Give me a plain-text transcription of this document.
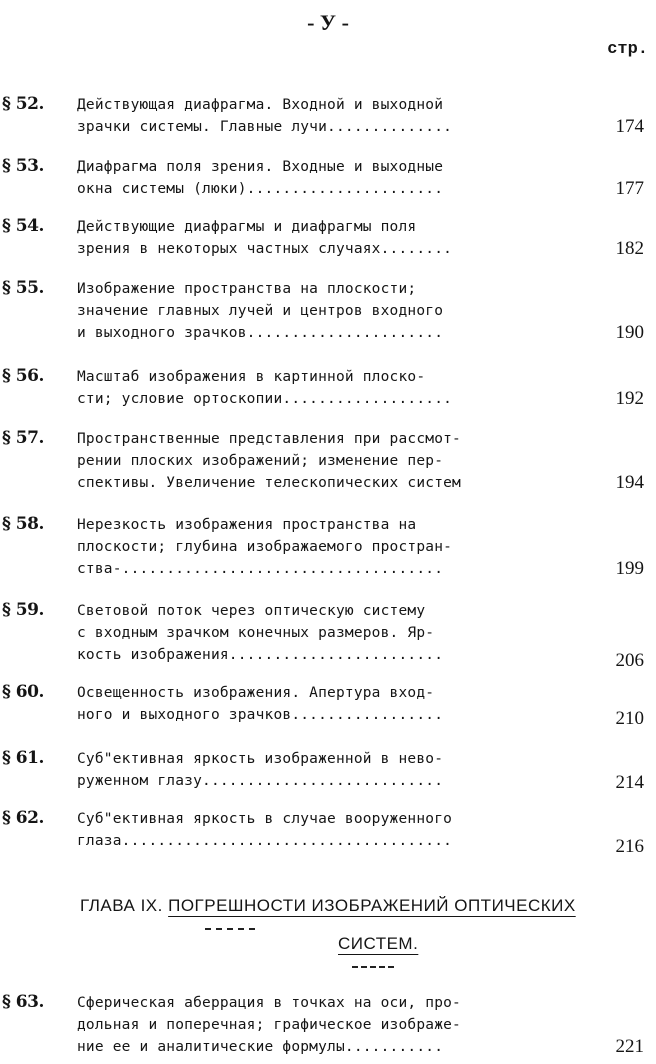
- У -
стр.
§ 52. Действующая диафрагма. Входной и выходной
зрачки системы. Главные лучи..............	174
§ 53. Диафрагма поля зрения. Входные и выходные
окна системы (люки)......................	177
§ 54. Действующие диафрагмы и диафрагмы поля
зрения в некоторых частных случаях........	182
§ 55. Изображение пространства на плоскости;
значение главных лучей и центров входного
и выходного зрачков......................	190
§ 56. Масштаб изображения в картинной плоско-
сти; условие ортоскопии...................	192
§ 57. Пространственные представления при рассмот-
рении плоских изображений; изменение пер-
спективы. Увеличение телескопических систем	194
§ 58. Нерезкость изображения пространства на
плоскости; глубина изображаемого простран-
ства-....................................	199
§ 59. Световой поток через оптическую систему
с входным зрачком конечных размеров. Яр-
кость изображения........................	206
§ 60. Освещенность изображения. Апертура вход-
ного и выходного зрачков.................	210
§ 61. Суб"ективная яркость изображенной в нево-
руженном глазу...........................	214
§ 62. Суб"ективная яркость в случае вооруженного
глаза.....................................	216
ГЛАВА IX. ПОГРЕШНОСТИ ИЗОБРАЖЕНИЙ ОПТИЧЕСКИХ
СИСТЕМ.
§ 63. Сферическая аберрация в точках на оси, про-
дольная и поперечная; графическое изображе-
ние ее и аналитические формулы...........	221
